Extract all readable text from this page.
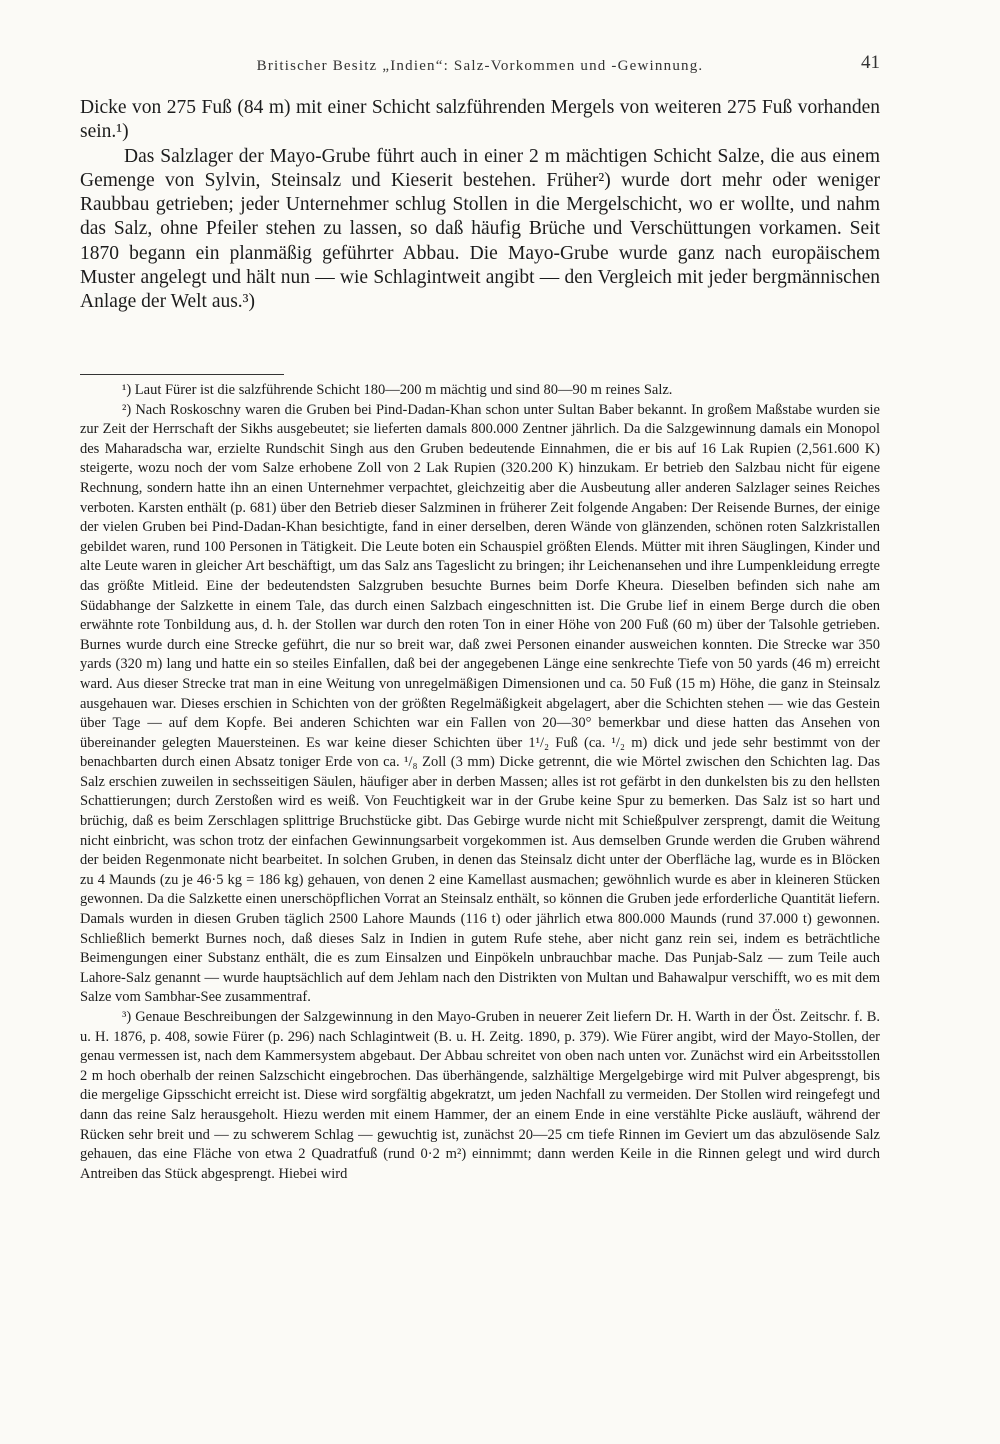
Britischer Besitz „Indien“: Salz-Vorkommen und -Gewinnung.	41

Dicke von 275 Fuß (84 m) mit einer Schicht salzführenden Mergels von weiteren 275 Fuß vorhanden sein.¹)

Das Salzlager der Mayo-Grube führt auch in einer 2 m mächtigen Schicht Salze, die aus einem Gemenge von Sylvin, Steinsalz und Kieserit bestehen. Früher²) wurde dort mehr oder weniger Raubbau getrieben; jeder Unternehmer schlug Stollen in die Mergelschicht, wo er wollte, und nahm das Salz, ohne Pfeiler stehen zu lassen, so daß häufig Brüche und Verschüttungen vorkamen. Seit 1870 begann ein planmäßig geführter Abbau. Die Mayo-Grube wurde ganz nach europäischem Muster angelegt und hält nun — wie Schlagintweit angibt — den Vergleich mit jeder bergmännischen Anlage der Welt aus.³)

¹) Laut Fürer ist die salzführende Schicht 180—200 m mächtig und sind 80—90 m reines Salz.

²) Nach Roskoschny waren die Gruben bei Pind-Dadan-Khan schon unter Sultan Baber bekannt. In großem Maßstabe wurden sie zur Zeit der Herrschaft der Sikhs ausgebeutet; sie lieferten damals 800.000 Zentner jährlich. Da die Salzgewinnung damals ein Monopol des Maharadscha war, erzielte Rundschit Singh aus den Gruben bedeutende Einnahmen, die er bis auf 16 Lak Rupien (2,561.600 K) steigerte, wozu noch der vom Salze erhobene Zoll von 2 Lak Rupien (320.200 K) hinzukam. Er betrieb den Salzbau nicht für eigene Rechnung, sondern hatte ihn an einen Unternehmer verpachtet, gleichzeitig aber die Ausbeutung aller anderen Salzlager seines Reiches verboten. Karsten enthält (p. 681) über den Betrieb dieser Salzminen in früherer Zeit folgende Angaben: Der Reisende Burnes, der einige der vielen Gruben bei Pind-Dadan-Khan besichtigte, fand in einer derselben, deren Wände von glänzenden, schönen roten Salzkristallen gebildet waren, rund 100 Personen in Tätigkeit. Die Leute boten ein Schauspiel größten Elends. Mütter mit ihren Säuglingen, Kinder und alte Leute waren in gleicher Art beschäftigt, um das Salz ans Tageslicht zu bringen; ihr Leichenansehen und ihre Lumpenkleidung erregte das größte Mitleid. Eine der bedeutendsten Salzgruben besuchte Burnes beim Dorfe Kheura. Dieselben befinden sich nahe am Südabhange der Salzkette in einem Tale, das durch einen Salzbach eingeschnitten ist. Die Grube lief in einem Berge durch die oben erwähnte rote Tonbildung aus, d. h. der Stollen war durch den roten Ton in einer Höhe von 200 Fuß (60 m) über der Talsohle getrieben. Burnes wurde durch eine Strecke geführt, die nur so breit war, daß zwei Personen einander ausweichen konnten. Die Strecke war 350 yards (320 m) lang und hatte ein so steiles Einfallen, daß bei der angegebenen Länge eine senkrechte Tiefe von 50 yards (46 m) erreicht ward. Aus dieser Strecke trat man in eine Weitung von unregelmäßigen Dimensionen und ca. 50 Fuß (15 m) Höhe, die ganz in Steinsalz ausgehauen war. Dieses erschien in Schichten von der größten Regelmäßigkeit abgelagert, aber die Schichten stehen — wie das Gestein über Tage — auf dem Kopfe. Bei anderen Schichten war ein Fallen von 20—30° bemerkbar und diese hatten das Ansehen von übereinander gelegten Mauersteinen. Es war keine dieser Schichten über 1¹/₂ Fuß (ca. ¹/₂ m) dick und jede sehr bestimmt von der benachbarten durch einen Absatz toniger Erde von ca. ¹/₈ Zoll (3 mm) Dicke getrennt, die wie Mörtel zwischen den Schichten lag. Das Salz erschien zuweilen in sechsseitigen Säulen, häufiger aber in derben Massen; alles ist rot gefärbt in den dunkelsten bis zu den hellsten Schattierungen; durch Zerstoßen wird es weiß. Von Feuchtigkeit war in der Grube keine Spur zu bemerken. Das Salz ist so hart und brüchig, daß es beim Zerschlagen splittrige Bruchstücke gibt. Das Gebirge wurde nicht mit Schießpulver zersprengt, damit die Weitung nicht einbricht, was schon trotz der einfachen Gewinnungsarbeit vorgekommen ist. Aus demselben Grunde werden die Gruben während der beiden Regenmonate nicht bearbeitet. In solchen Gruben, in denen das Steinsalz dicht unter der Oberfläche lag, wurde es in Blöcken zu 4 Maunds (zu je 46·5 kg = 186 kg) gehauen, von denen 2 eine Kamellast ausmachen; gewöhnlich wurde es aber in kleineren Stücken gewonnen. Da die Salzkette einen unerschöpflichen Vorrat an Steinsalz enthält, so können die Gruben jede erforderliche Quantität liefern. Damals wurden in diesen Gruben täglich 2500 Lahore Maunds (116 t) oder jährlich etwa 800.000 Maunds (rund 37.000 t) gewonnen. Schließlich bemerkt Burnes noch, daß dieses Salz in Indien in gutem Rufe stehe, aber nicht ganz rein sei, indem es beträchtliche Beimengungen einer Substanz enthält, die es zum Einsalzen und Einpökeln unbrauchbar mache. Das Punjab-Salz — zum Teile auch Lahore-Salz genannt — wurde hauptsächlich auf dem Jehlam nach den Distrikten von Multan und Bahawalpur verschifft, wo es mit dem Salze vom Sambhar-See zusammentraf.

³) Genaue Beschreibungen der Salzgewinnung in den Mayo-Gruben in neuerer Zeit liefern Dr. H. Warth in der Öst. Zeitschr. f. B. u. H. 1876, p. 408, sowie Fürer (p. 296) nach Schlagintweit (B. u. H. Zeitg. 1890, p. 379). Wie Fürer angibt, wird der Mayo-Stollen, der genau vermessen ist, nach dem Kammersystem abgebaut. Der Abbau schreitet von oben nach unten vor. Zunächst wird ein Arbeitsstollen 2 m hoch oberhalb der reinen Salzschicht eingebrochen. Das überhängende, salzhältige Mergelgebirge wird mit Pulver abgesprengt, bis die mergelige Gipsschicht erreicht ist. Diese wird sorgfältig abgekratzt, um jeden Nachfall zu vermeiden. Der Stollen wird reingefegt und dann das reine Salz herausgeholt. Hiezu werden mit einem Hammer, der an einem Ende in eine verstählte Picke ausläuft, während der Rücken sehr breit und — zu schwerem Schlag — gewuchtig ist, zunächst 20—25 cm tiefe Rinnen im Geviert um das abzulösende Salz gehauen, das eine Fläche von etwa 2 Quadratfuß (rund 0·2 m²) einnimmt; dann werden Keile in die Rinnen gelegt und wird durch Antreiben das Stück abgesprengt. Hiebei wird
